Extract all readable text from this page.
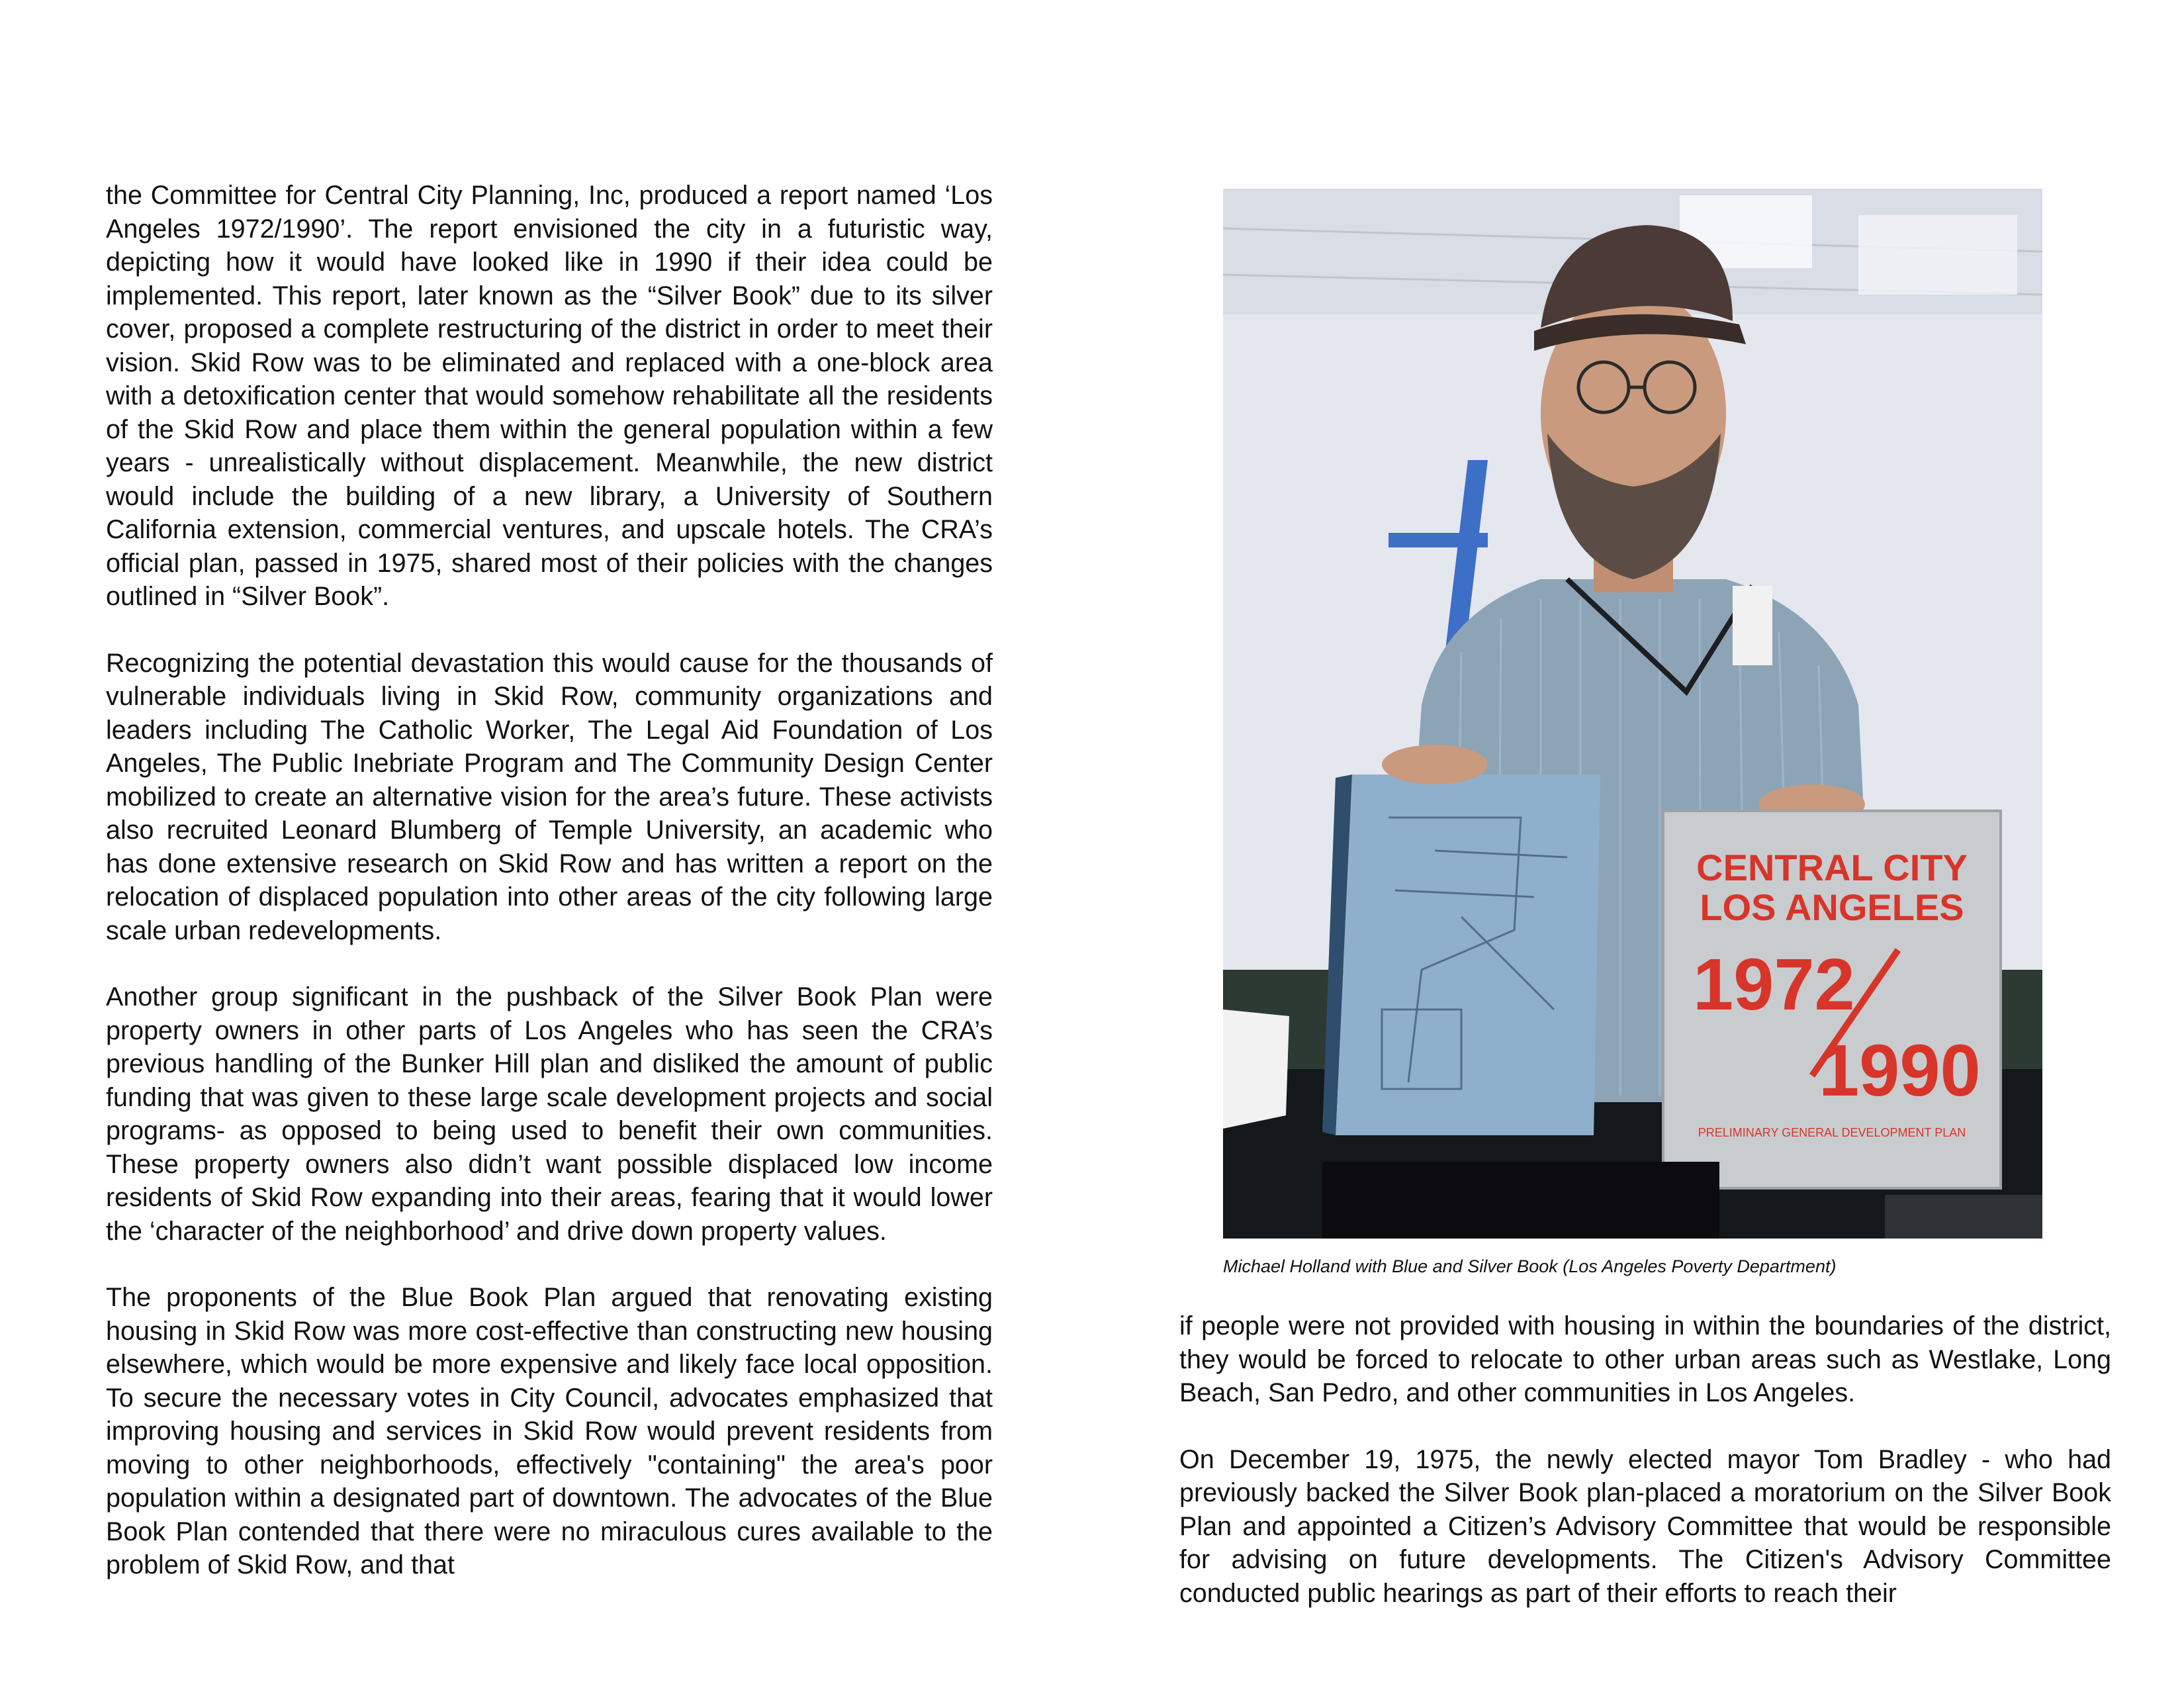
the Committee for Central City Planning, Inc, produced a report named ‘Los Angeles 1972/1990’. The report envisioned the city in a futuristic way, depicting how it would have looked like in 1990 if their idea could be implemented. This report, later known as the “Silver Book” due to its silver cover, proposed a complete restructuring of the district in order to meet their vision. Skid Row was to be eliminated and replaced with a one-block area with a detoxification center that would somehow rehabilitate all the residents of the Skid Row and place them within the general population within a few years - unrealistically without displacement. Meanwhile, the new district would include the building of a new library, a University of Southern California extension, commercial ventures, and upscale hotels. The CRA’s official plan, passed in 1975, shared most of their policies with the changes outlined in “Silver Book”.

Recognizing the potential devastation this would cause for the thousands of vulnerable individuals living in Skid Row, community organizations and leaders including The Catholic Worker, The Legal Aid Foundation of Los Angeles, The Public Inebriate Program and The Community Design Center mobilized to create an alternative vision for the area’s future. These activists also recruited Leonard Blumberg of Temple University, an academic who has done extensive research on Skid Row and has written a report on the relocation of displaced population into other areas of the city following large scale urban redevelopments.

Another group significant in the pushback of the Silver Book Plan were property owners in other parts of Los Angeles who has seen the CRA’s previous handling of the Bunker Hill plan and disliked the amount of public funding that was given to these large scale development projects and social programs- as opposed to being used to benefit their own communities. These property owners also didn’t want possible displaced low income residents of Skid Row expanding into their areas, fearing that it would lower the ‘character of the neighborhood’ and drive down property values.

The proponents of the Blue Book Plan argued that renovating existing housing in Skid Row was more cost-effective than constructing new housing elsewhere, which would be more expensive and likely face local opposition. To secure the necessary votes in City Council, advocates emphasized that improving housing and services in Skid Row would prevent residents from moving to other neighborhoods, effectively "containing" the area's poor population within a designated part of downtown. The advocates of the Blue Book Plan contended that there were no miraculous cures available to the problem of Skid Row, and that

CENTRAL CITY
LOS ANGELES
1972
1990
PRELIMINARY GENERAL DEVELOPMENT PLAN
Michael Holland with Blue and Silver Book (Los Angeles Poverty Department)

if people were not provided with housing in within the boundaries of the district, they would be forced to relocate to other urban areas such as Westlake, Long Beach, San Pedro, and other communities in Los Angeles.

On December 19, 1975, the newly elected mayor Tom Bradley - who had previously backed the Silver Book plan-placed a moratorium on the Silver Book Plan and appointed a Citizen’s Advisory Committee that would be responsible for advising on future developments. The Citizen's Advisory Committee conducted public hearings as part of their efforts to reach their
